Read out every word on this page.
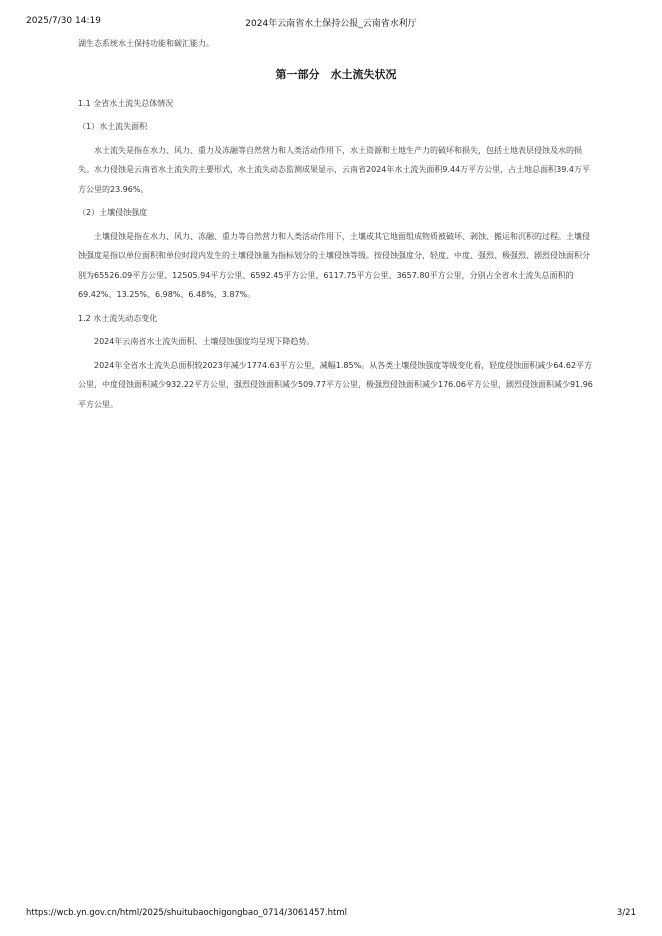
2025/7/30 14:19	2024年云南省水土保持公报_云南省水利厅

湖生态系统水土保持功能和碳汇能力。

第一部分　水土流失状况

1.1 全省水土流失总体情况

（1）水土流失面积

水土流失是指在水力、风力、重力及冻融等自然营力和人类活动作用下，水土资源和土地生产力的破坏和损失，包括土地表层侵蚀及水的损失。水力侵蚀是云南省水土流失的主要形式，水土流失动态监测成果显示，云南省2024年水土流失面积9.44万平方公里，占土地总面积39.4万平方公里的23.96%。

（2）土壤侵蚀强度

土壤侵蚀是指在水力、风力、冻融、重力等自然营力和人类活动作用下，土壤或其它地面组成物质被破坏、剥蚀、搬运和沉积的过程。土壤侵蚀强度是指以单位面积和单位时段内发生的土壤侵蚀量为指标划分的土壤侵蚀等级。按侵蚀强度分，轻度、中度、强烈、极强烈、剧烈侵蚀面积分别为65526.09平方公里、12505.94平方公里、6592.45平方公里、6117.75平方公里、3657.80平方公里，分别占全省水土流失总面积的69.42%、13.25%、6.98%、6.48%、3.87%。

1.2 水土流失动态变化

2024年云南省水土流失面积、土壤侵蚀强度均呈现下降趋势。

2024年全省水土流失总面积较2023年减少1774.63平方公里，减幅1.85%。从各类土壤侵蚀强度等级变化看，轻度侵蚀面积减少64.62平方公里，中度侵蚀面积减少932.22平方公里，强烈侵蚀面积减少509.77平方公里，极强烈侵蚀面积减少176.06平方公里，剧烈侵蚀面积减少91.96平方公里。

https://wcb.yn.gov.cn/html/2025/shuitubaochigongbao_0714/3061457.html	3/21
